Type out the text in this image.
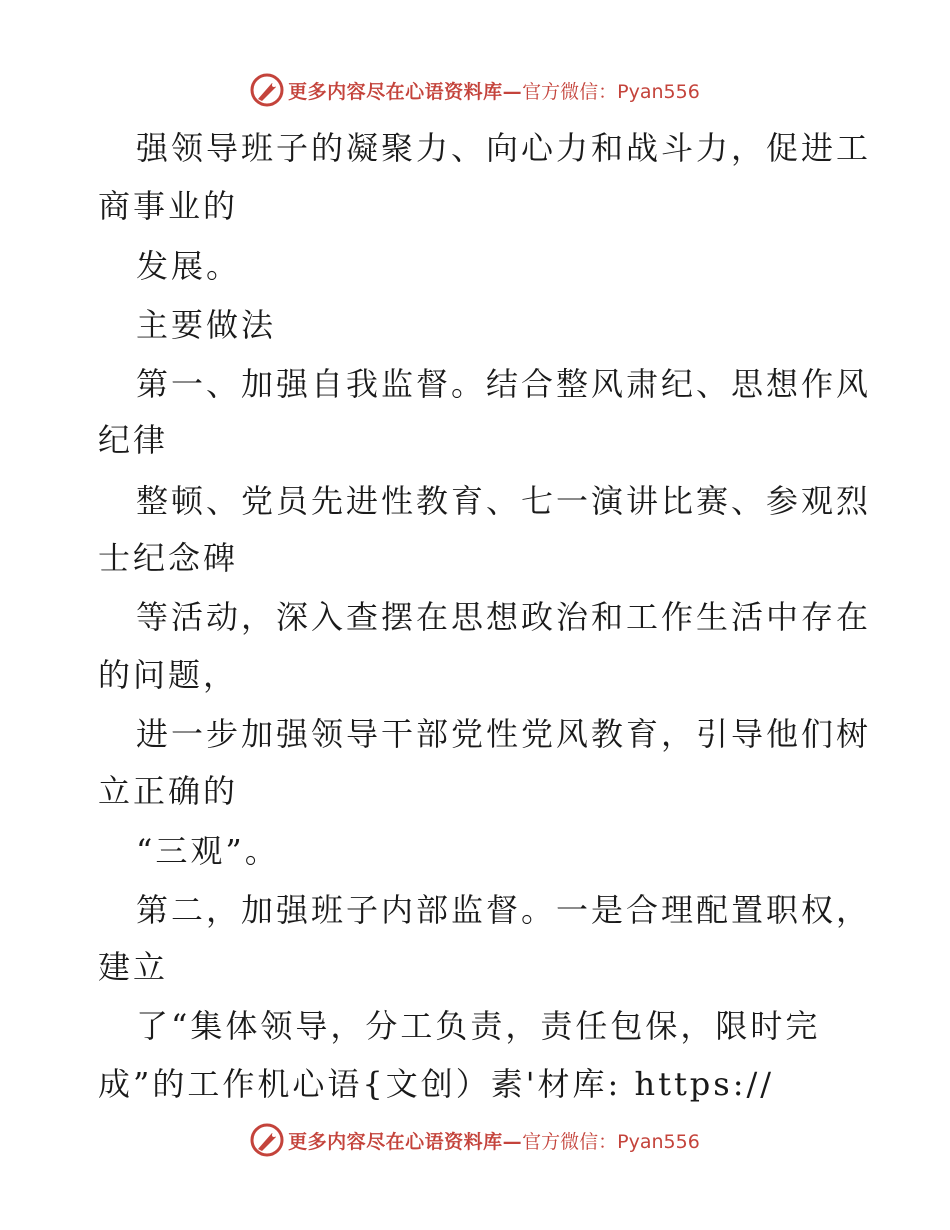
更多内容尽在心语资料库— 官方微信：Pyan556
强领导班子的凝聚力、向心力和战斗力，促进工
商事业的
发展。
主要做法
第一、加强自我监督。结合整风肃纪、思想作风
纪律
整顿、党员先进性教育、七一演讲比赛、参观烈
士纪念碑
等活动，深入查摆在思想政治和工作生活中存在
的问题，
进一步加强领导干部党性党风教育，引导他们树
立正确的
“三观”。
第二，加强班子内部监督。一是合理配置职权，
建立
了“集体领导，分工负责，责任包保，限时完
成”的工作机心语{文创）素'材库: https://
更多内容尽在心语资料库— 官方微信：Pyan556
